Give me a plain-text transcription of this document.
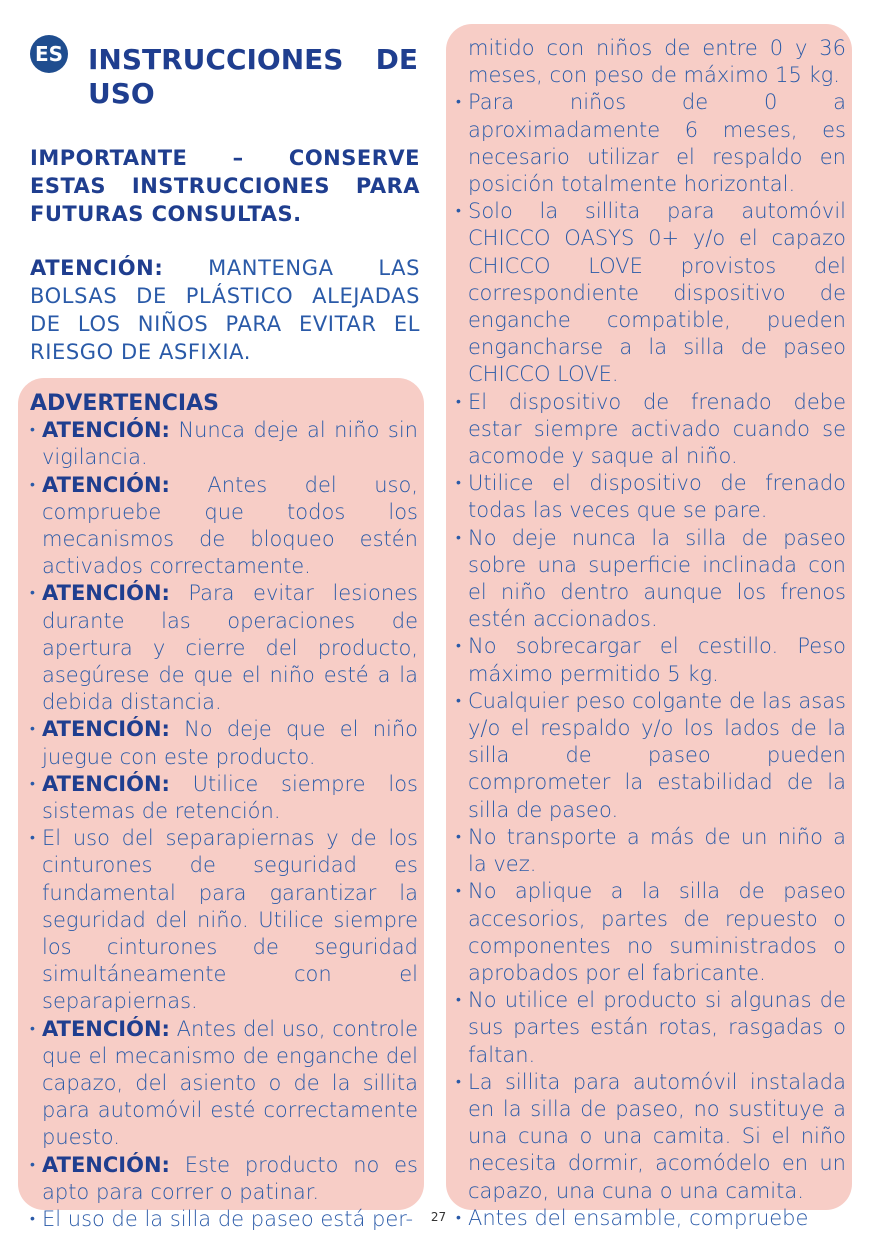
ES INSTRUCCIONES DE
USO
IMPORTANTE – CONSERVE ESTAS INSTRUCCIONES PARA FUTURAS CONSULTAS.
ATENCIÓN: MANTENGA LAS BOLSAS DE PLÁSTICO ALEJADAS DE LOS NIÑOS PARA EVITAR EL RIESGO DE ASFIXIA.
ADVERTENCIAS
• ATENCIÓN: Nunca deje al niño sin vigilancia.
• ATENCIÓN: Antes del uso, compruebe que todos los mecanismos de bloqueo estén activados correctamente.
• ATENCIÓN: Para evitar lesiones durante las operaciones de apertura y cierre del producto, asegúrese de que el niño esté a la debida distancia.
• ATENCIÓN: No deje que el niño juegue con este producto.
• ATENCIÓN: Utilice siempre los sistemas de retención.
• El uso del separapiernas y de los cinturones de seguridad es fundamental para garantizar la seguridad del niño. Utilice siempre los cinturones de seguridad simultáneamente con el separapiernas.
• ATENCIÓN: Antes del uso, controle que el mecanismo de enganche del capazo, del asiento o de la sillita para automóvil esté correctamente puesto.
• ATENCIÓN: Este producto no es apto para correr o patinar.
• El uso de la silla de paseo está per-
mitido con niños de entre 0 y 36 meses, con peso de máximo 15 kg.
• Para niños de 0 a aproximadamente 6 meses, es necesario utilizar el respaldo en posición totalmente horizontal.
• Solo la sillita para automóvil CHICCO OASYS 0+ y/o el capazo CHICCO LOVE provistos del correspondiente dispositivo de enganche compatible, pueden engancharse a la silla de paseo CHICCO LOVE.
• El dispositivo de frenado debe estar siempre activado cuando se acomode y saque al niño.
• Utilice el dispositivo de frenado todas las veces que se pare.
• No deje nunca la silla de paseo sobre una superficie inclinada con el niño dentro aunque los frenos estén accionados.
• No sobrecargar el cestillo. Peso máximo permitido 5 kg.
• Cualquier peso colgante de las asas y/o el respaldo y/o los lados de la silla de paseo pueden comprometer la estabilidad de la silla de paseo.
• No transporte a más de un niño a la vez.
• No aplique a la silla de paseo accesorios, partes de repuesto o componentes no suministrados o aprobados por el fabricante.
• No utilice el producto si algunas de sus partes están rotas, rasgadas o faltan.
• La sillita para automóvil instalada en la silla de paseo, no sustituye a una cuna o una camita. Si el niño necesita dormir, acomódelo en un capazo, una cuna o una camita.
• Antes del ensamble, compruebe
27
